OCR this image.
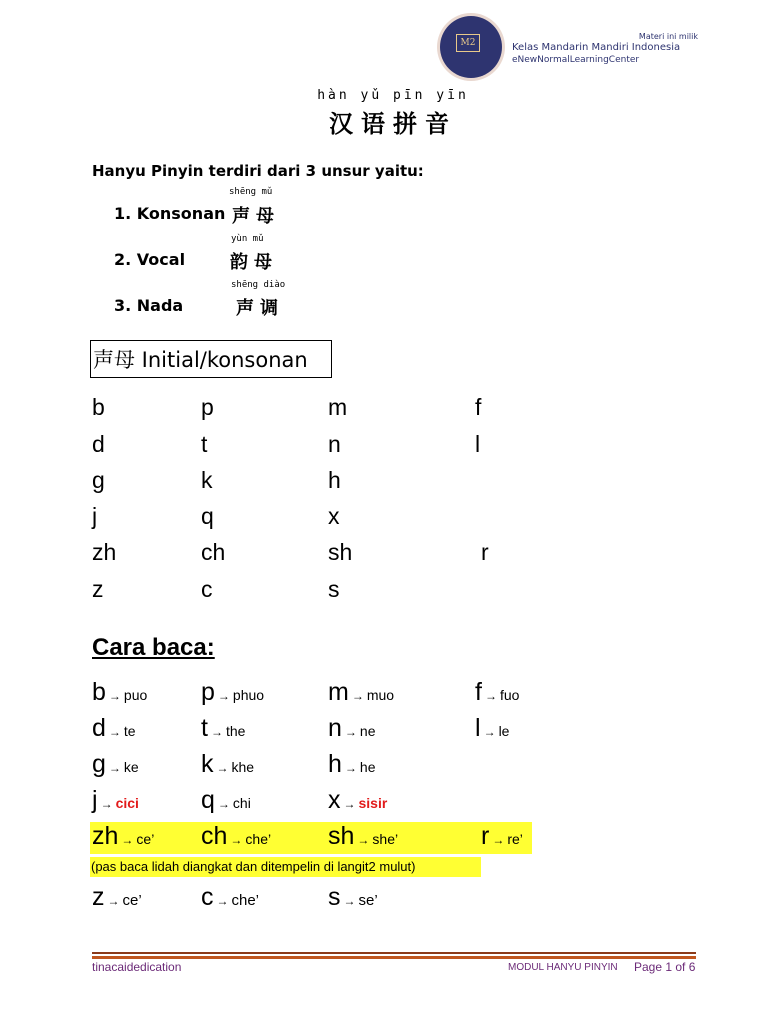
M2
Materi ini milik
Kelas Mandarin Mandiri Indonesia
eNewNormalLearningCenter
hàn yǔ pīn yīn
汉语拼音
Hanyu Pinyin terdiri dari 3 unsur yaitu:
shēng mǔ
1. Konsonan 声母
yùn mǔ
2. Vocal 韵母
shēng diào
3. Nada	声调
声母 Initial/konsonan
b	p	m	f
d	t	n	l
g	k	h
j	q	x
zh	ch	sh	r
z	c	s
Cara baca:
b → puo p → phuo	m → muo	f → fuo
d → te	t → the	n → ne	l → le
g → ke k → khe	h → he
j → cici q → chi	x → sisir
zh → ce’ ch → che’ sh → she’	r → re’
(pas baca lidah diangkat dan ditempelin di langit2 mulut)
z → ce’ c → che’	s → se’
tinacaidedication	MODUL HANYU PINYIN Page 1 of 6
